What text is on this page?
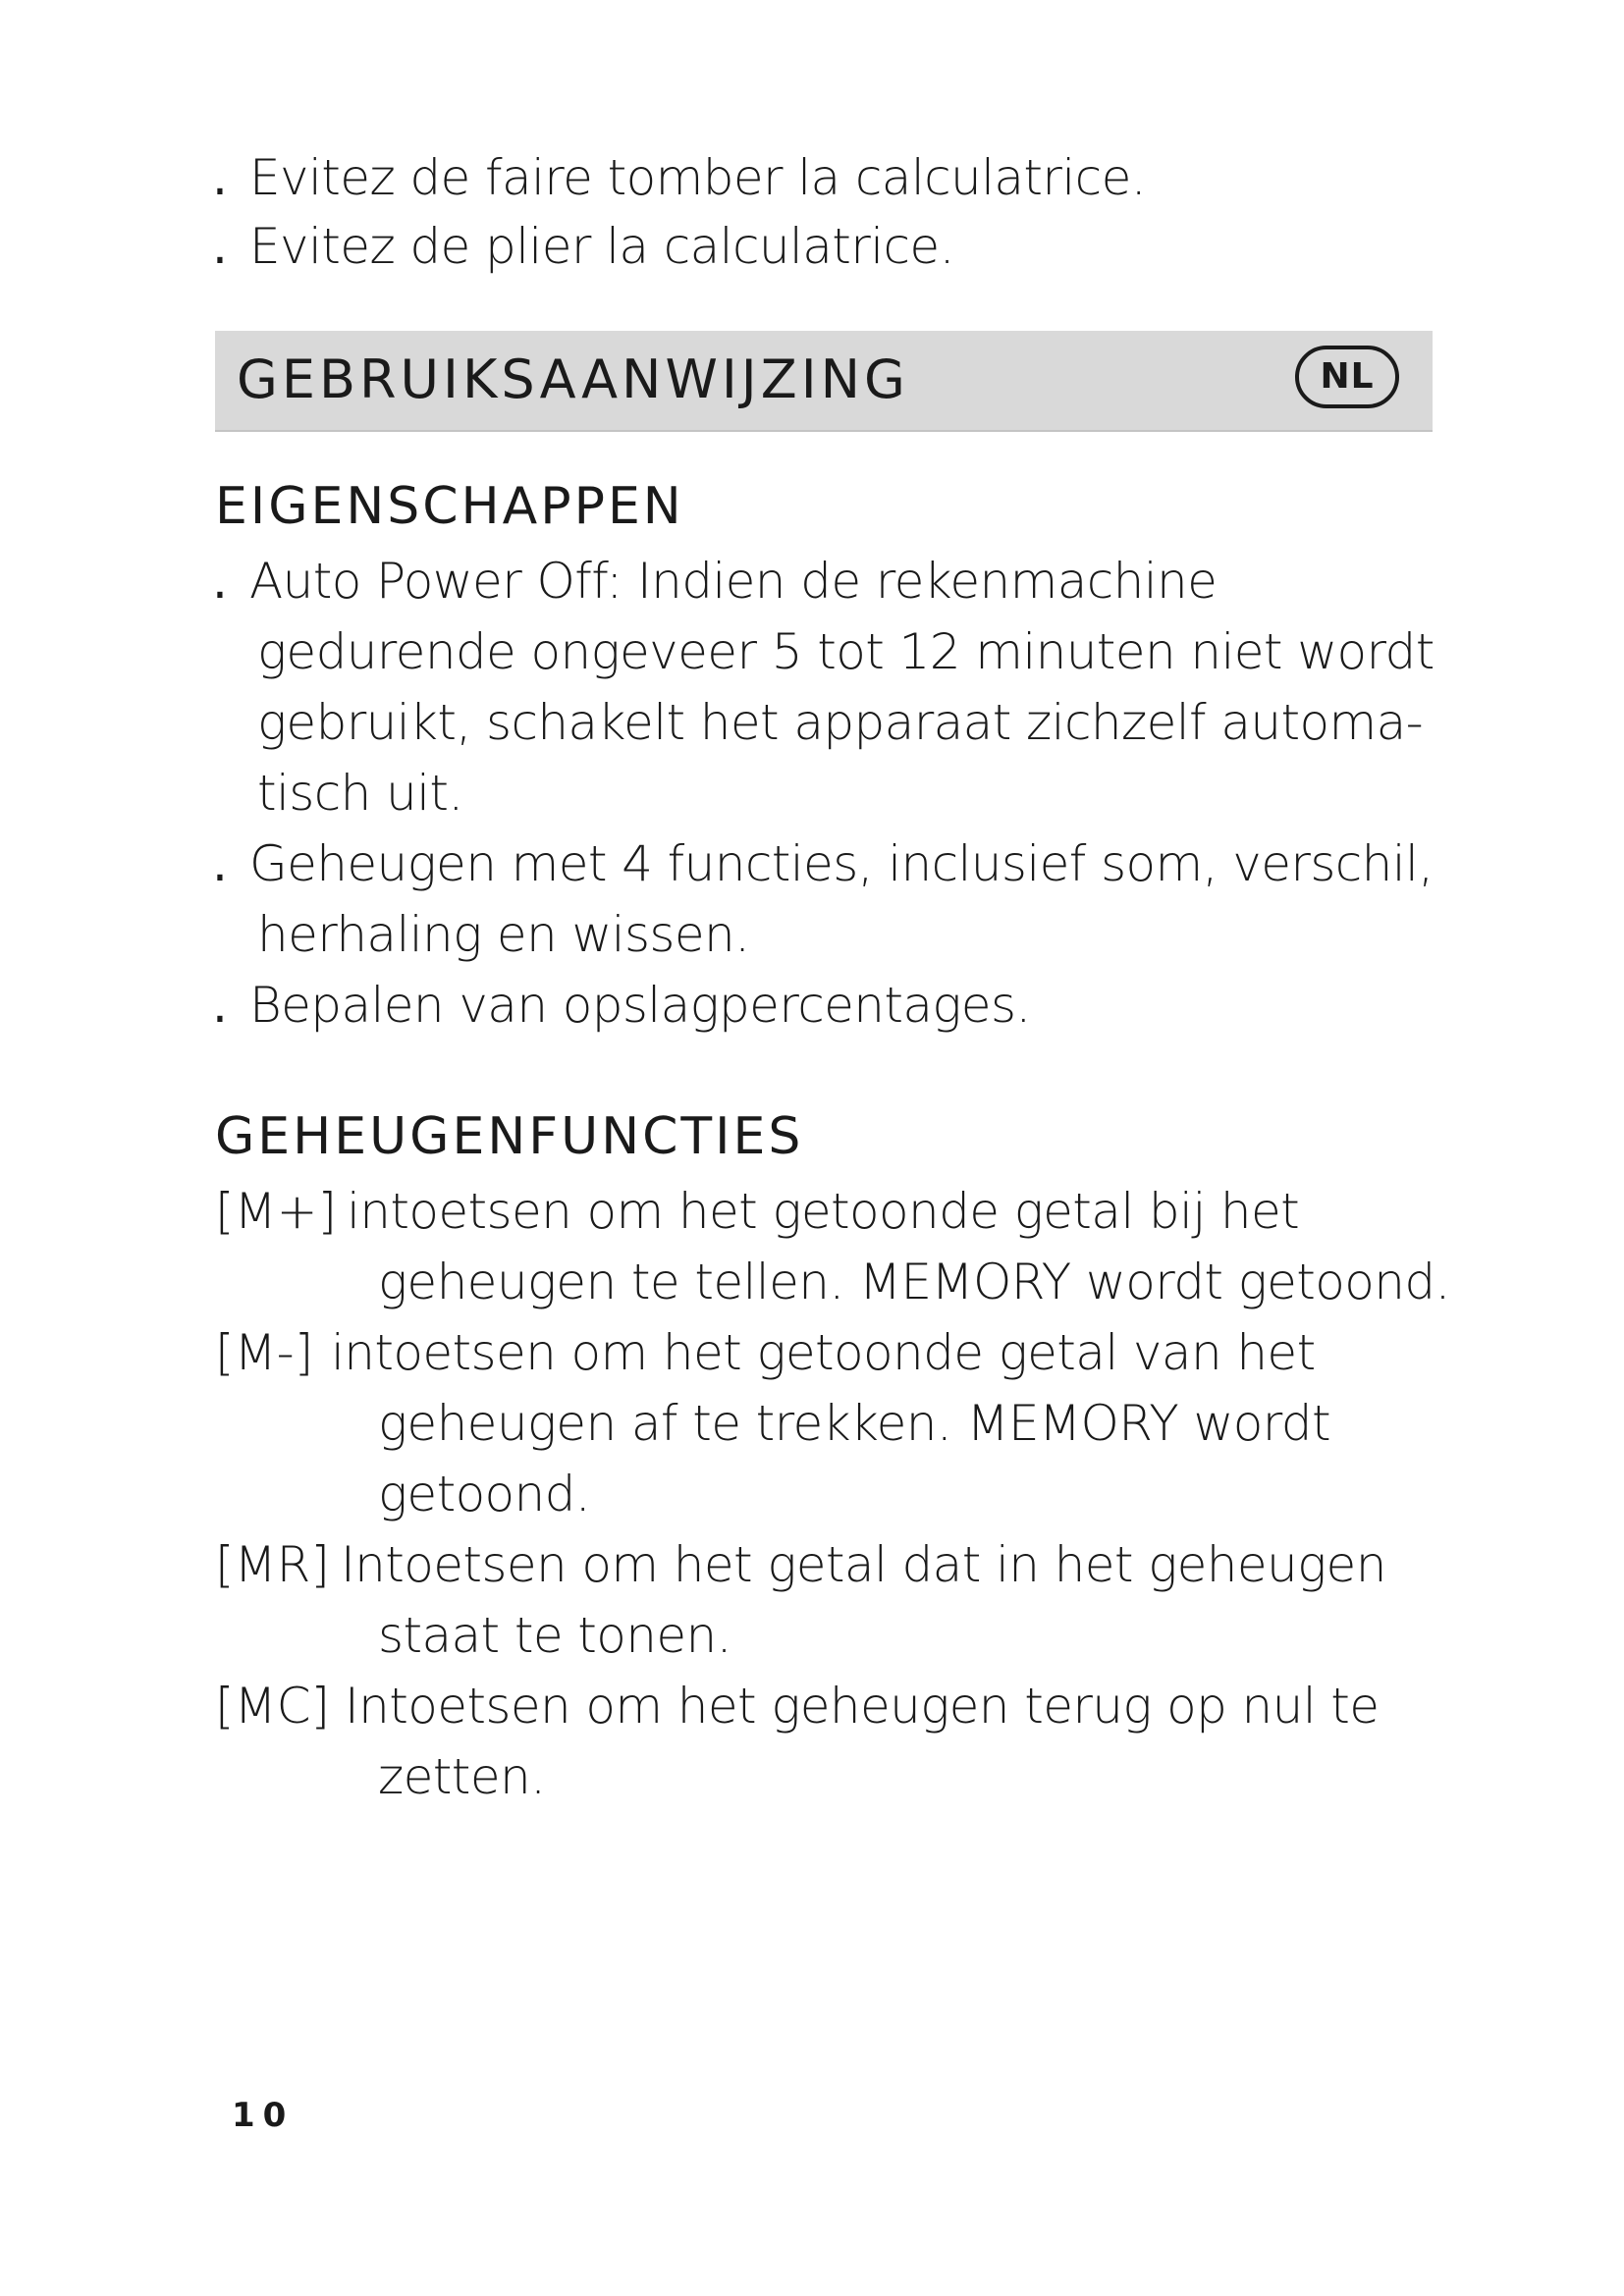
. Evitez de faire tomber la calculatrice.
. Evitez de plier la calculatrice.
GEBRUIKSAANWIJZING	NL
EIGENSCHAPPEN
. Auto Power Off: Indien de rekenmachine
gedurende ongeveer 5 tot 12 minuten niet wordt
gebruikt, schakelt het apparaat zichzelf automa-
tisch uit.
. Geheugen met 4 functies, inclusief som, verschil,
herhaling en wissen.
. Bepalen van opslagpercentages.
GEHEUGENFUNCTIES
[M+] intoetsen om het getoonde getal bij het
geheugen te tellen. MEMORY wordt getoond.
[M-] intoetsen om het getoonde getal van het
geheugen af te trekken. MEMORY wordt
getoond.
[MR] Intoetsen om het getal dat in het geheugen
staat te tonen.
[MC] Intoetsen om het geheugen terug op nul te
zetten.
10
